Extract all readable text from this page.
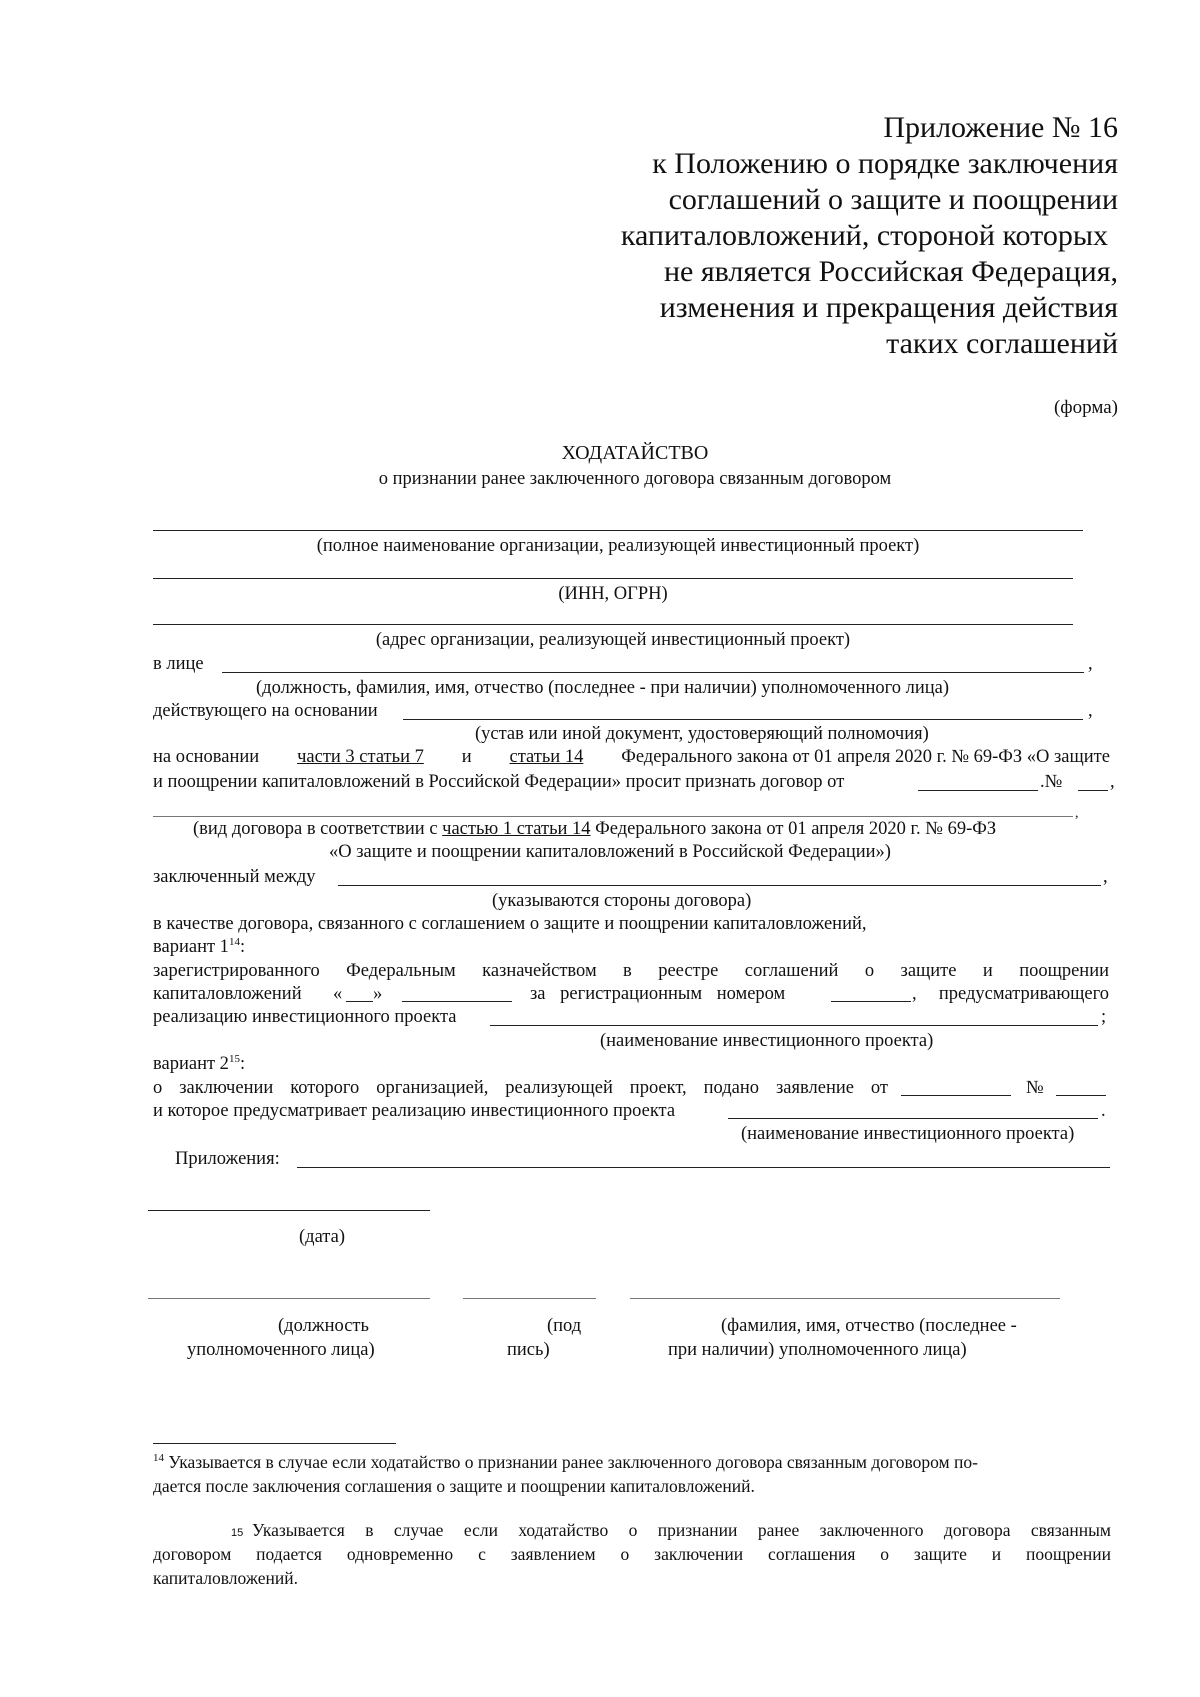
Приложение № 16
к Положению о порядке заключения
соглашений о защите и поощрении
капиталовложений, стороной которых
не является Российская Федерация,
изменения и прекращения действия
таких соглашений
(форма)
ХОДАТАЙСТВО
о признании ранее заключенного договора связанным договором
(полное наименование организации, реализующей инвестиционный проект)
(ИНН, ОГРН)
(адрес организации, реализующей инвестиционный проект)
в лице	,
(должность, фамилия, имя, отчество (последнее - при наличии) уполномоченного лица)
действующего на основании	,
(устав или иной документ, удостоверяющий полномочия)
на основании части 3 статьи 7 и статьи 14 Федерального закона от 01 апреля 2020 г. № 69-ФЗ «О защите
и поощрении капиталовложений в Российской Федерации» просит признать договор от	.№	,
,
(вид договора в соответствии с частью 1 статьи 14 Федерального закона от 01 апреля 2020 г. № 69-ФЗ
«О защите и поощрении капиталовложений в Российской Федерации»)
заключенный между	,
(указываются стороны договора)
в качестве договора, связанного с соглашением о защите и поощрении капиталовложений,
вариант $1^{14}$:
зарегистрированного Федеральным казначейством в реестре соглашений о защите и поощрении
капиталовложений « »	за регистрационным номером	, предусматривающего
реализацию инвестиционного проекта	;
(наименование инвестиционного проекта)
вариант $2^{15}$:
о заключении которого организацией, реализующей проект, подано заявление от	№
и которое предусматривает реализацию инвестиционного проекта	.
(наименование инвестиционного проекта)
Приложения:
(дата)
(должность
уполномоченного лица)
(под
пись)
(фамилия, имя, отчество (последнее -
при наличии) уполномоченного лица)
$^{14}$ Указывается в случае если ходатайство о признании ранее заключенного договора связанным договором по-
дается после заключения соглашения о защите и поощрении капиталовложений.
15
Указывается в случае если ходатайство о признании ранее заключенного договора связанным
договором подается одновременно с заявлением о заключении соглашения о защите и поощрении
капиталовложений.
